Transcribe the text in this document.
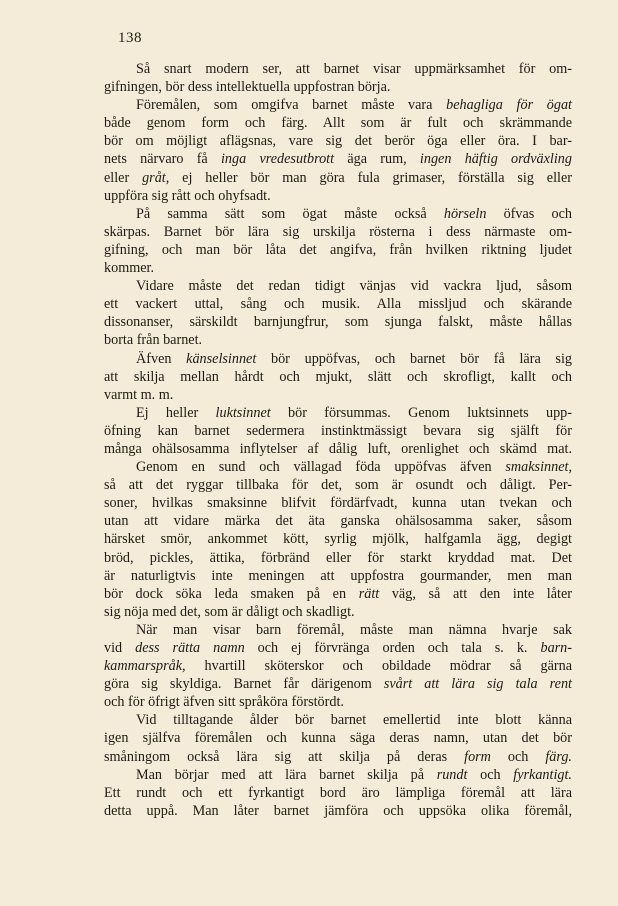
138
Så snart modern ser, att barnet visar uppmärksamhet för om-
gifningen, bör dess intellektuella uppfostran börja.
Föremålen, som omgifva barnet måste vara behagliga för ögat
både genom form och färg. Allt som är fult och skrämmande
bör om möjligt aflägsnas, vare sig det berör öga eller öra. I bar-
nets närvaro få inga vredesutbrott äga rum, ingen häftig ordväxling
eller gråt, ej heller bör man göra fula grimaser, förställa sig eller
uppföra sig rått och ohyfsadt.
På samma sätt som ögat måste också hörseln öfvas och
skärpas. Barnet bör lära sig urskilja rösterna i dess närmaste om-
gifning, och man bör låta det angifva, från hvilken riktning ljudet
kommer.
Vidare måste det redan tidigt vänjas vid vackra ljud, såsom
ett vackert uttal, sång och musik. Alla missljud och skärande
dissonanser, särskildt barnjungfrur, som sjunga falskt, måste hållas
borta från barnet.
Äfven känselsinnet bör uppöfvas, och barnet bör få lära sig
att skilja mellan hårdt och mjukt, slätt och skrofligt, kallt och
varmt m. m.
Ej heller luktsinnet bör försummas. Genom luktsinnets upp-
öfning kan barnet sedermera instinktmässigt bevara sig själft för
många ohälsosamma inflytelser af dålig luft, orenlighet och skämd mat.
Genom en sund och vällagad föda uppöfvas äfven smaksinnet,
så att det ryggar tillbaka för det, som är osundt och dåligt. Per-
soner, hvilkas smaksinne blifvit fördärfvadt, kunna utan tvekan och
utan att vidare märka det äta ganska ohälsosamma saker, såsom
härsket smör, ankommet kött, syrlig mjölk, halfgamla ägg, degigt
bröd, pickles, ättika, förbränd eller för starkt kryddad mat. Det
är naturligtvis inte meningen att uppfostra gourmander, men man
bör dock söka leda smaken på en rätt väg, så att den inte låter
sig nöja med det, som är dåligt och skadligt.
När man visar barn föremål, måste man nämna hvarje sak
vid dess rätta namn och ej förvränga orden och tala s. k. barn-
kammarspråk, hvartill sköterskor och obildade mödrar så gärna
göra sig skyldiga. Barnet får därigenom svårt att lära sig tala rent
och för öfrigt äfven sitt språköra förstördt.
Vid tilltagande ålder bör barnet emellertid inte blott känna
igen själfva föremålen och kunna säga deras namn, utan det bör
småningom också lära sig att skilja på deras form och färg.
Man börjar med att lära barnet skilja på rundt och fyrkantigt.
Ett rundt och ett fyrkantigt bord äro lämpliga föremål att lära
detta uppå. Man låter barnet jämföra och uppsöka olika föremål,
